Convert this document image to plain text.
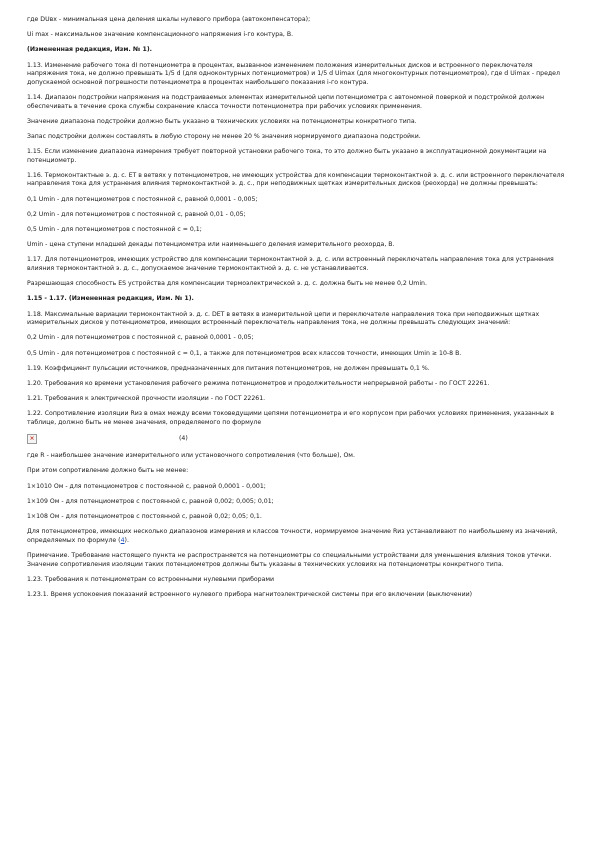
где DUвх - минимальная цена деления шкалы нулевого прибора (автокомпенсатора);

Ui max - максимальное значение компенсационного напряжения i-го контура, В.

(Измененная редакция, Изм. № 1).

1.13. Изменение рабочего тока dI потенциометра в процентах, вызванное изменением положения измерительных дисков и встроенного переключателя напряжения тока, не должно превышать 1/5 d (для одноконтурных потенциометров) и 1/5 d Uimax (для многоконтурных потенциометров), где d Uimax - предел допускаемой основной погрешности потенциометра в процентах наибольшего показания i-го контура.

1.14. Диапазон подстройки напряжения на подстраиваемых элементах измерительной цепи потенциометра с автономной поверкой и подстройкой должен обеспечивать в течение срока службы сохранение класса точности потенциометра при рабочих условиях применения.

Значение диапазона подстройки должно быть указано в технических условиях на потенциометры конкретного типа.

Запас подстройки должен составлять в любую сторону не менее 20 % значения нормируемого диапазона подстройки.

1.15. Если изменение диапазона измерения требует повторной установки рабочего тока, то это должно быть указано в эксплуатационной документации на потенциометр.

1.16. Термоконтактные э. д. с. ET в ветвях у потенциометров, не имеющих устройства для компенсации термоконтактной э. д. с. или встроенного переключателя направления тока для устранения влияния термоконтактной э. д. с., при неподвижных щетках измерительных дисков (реохорда) не должны превышать:

0,1 Umin - для потенциометров с постоянной c, равной 0,0001 - 0,005;

0,2 Umin - для потенциометров с постоянной c, равной 0,01 - 0,05;

0,5 Umin - для потенциометров с постоянной c = 0,1;

Umin - цена ступени младшей декады потенциометра или наименьшего деления измерительного реохорда, В.

1.17. Для потенциометров, имеющих устройство для компенсации термоконтактной э. д. с. или встроенный переключатель направления тока для устранения влияния термоконтактной э. д. с., допускаемое значение термоконтактной э. д. с. не устанавливается.

Разрешающая способность ES устройства для компенсации термоэлектрической э. д. с. должна быть не менее 0,2 Umin.

1.15 - 1.17. (Измененная редакция, Изм. № 1).

1.18. Максимальные вариации термоконтактной э. д. с. DET в ветвях в измерительной цепи и переключателе направления тока при неподвижных щетках измерительных дисков у потенциометров, имеющих встроенный переключатель направления тока, не должны превышать следующих значений:

0,2 Umin - для потенциометров с постоянной c, равной 0,0001 - 0,05;

0,5 Umin - для потенциометров с постоянной c = 0,1, а также для потенциометров всех классов точности, имеющих Umin ≥ 10-8 В.

1.19. Коэффициент пульсации источников, предназначенных для питания потенциометров, не должен превышать 0,1 %.

1.20. Требования ко времени установления рабочего режима потенциометров и продолжительности непрерывной работы - по ГОСТ 22261.

1.21. Требования к электрической прочности изоляции - по ГОСТ 22261.

1.22. Сопротивление изоляции Rиз в омах между всеми токоведущими цепями потенциометра и его корпусом при рабочих условиях применения, указанных в таблице, должно быть не менее значения, определяемого по формуле

×	(4)

где R - наибольшее значение измерительного или установочного сопротивления (что больше), Ом.

При этом сопротивление должно быть не менее:

1×1010 Ом - для потенциометров с постоянной c, равной 0,0001 - 0,001;

1×109 Ом - для потенциометров с постоянной c, равной 0,002; 0,005; 0,01;

1×108 Ом - для потенциометров с постоянной c, равной 0,02; 0,05; 0,1.

Для потенциометров, имеющих несколько диапазонов измерения и классов точности, нормируемое значение Rиз устанавливают по наибольшему из значений, определяемых по формуле (4).

Примечание. Требование настоящего пункта не распространяется на потенциометры со специальными устройствами для уменьшения влияния токов утечки. Значение сопротивления изоляции таких потенциометров должны быть указаны в технических условиях на потенциометры конкретного типа.

1.23. Требования к потенциометрам со встроенными нулевыми приборами

1.23.1. Время успокоения показаний встроенного нулевого прибора магнитоэлектрической системы при его включении (выключении)
